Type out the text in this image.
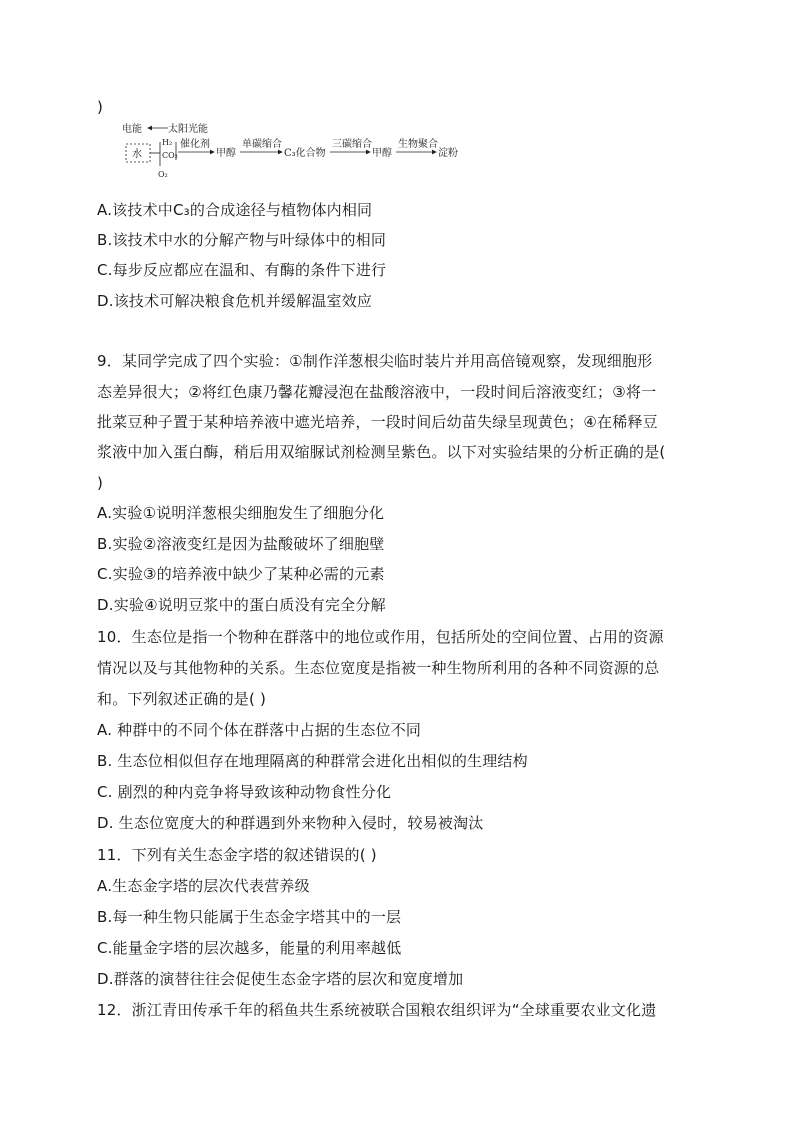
)
电能	太阳光能
水
H₂
CO₂
O₂
催化剂
甲醇
单碳缩合
C₃化合物
三碳缩合
甲醇
生物聚合
淀粉
A.该技术中C₃的合成途径与植物体内相同
B.该技术中水的分解产物与叶绿体中的相同
C.每步反应都应在温和、有酶的条件下进行
D.该技术可解决粮食危机并缓解温室效应
9．某同学完成了四个实验：①制作洋葱根尖临时装片并用高倍镜观察，发现细胞形
态差异很大；②将红色康乃馨花瓣浸泡在盐酸溶液中，一段时间后溶液变红；③将一
批菜豆种子置于某种培养液中遮光培养，一段时间后幼苗失绿呈现黄色；④在稀释豆
浆液中加入蛋白酶，稍后用双缩脲试剂检测呈紫色。以下对实验结果的分析正确的是(
)
A.实验①说明洋葱根尖细胞发生了细胞分化
B.实验②溶液变红是因为盐酸破坏了细胞壁
C.实验③的培养液中缺少了某种必需的元素
D.实验④说明豆浆中的蛋白质没有完全分解
10．生态位是指一个物种在群落中的地位或作用，包括所处的空间位置、占用的资源
情况以及与其他物种的关系。生态位宽度是指被一种生物所利用的各种不同资源的总
和。下列叙述正确的是( )
A. 种群中的不同个体在群落中占据的生态位不同
B. 生态位相似但存在地理隔离的种群常会进化出相似的生理结构
C. 剧烈的种内竞争将导致该种动物食性分化
D. 生态位宽度大的种群遇到外来物种入侵时，较易被淘汰
11．下列有关生态金字塔的叙述错误的( )
A.生态金字塔的层次代表营养级
B.每一种生物只能属于生态金字塔其中的一层
C.能量金字塔的层次越多，能量的利用率越低
D.群落的演替往往会促使生态金字塔的层次和宽度增加
12．浙江青田传承千年的稻鱼共生系统被联合国粮农组织评为“全球重要农业文化遗
